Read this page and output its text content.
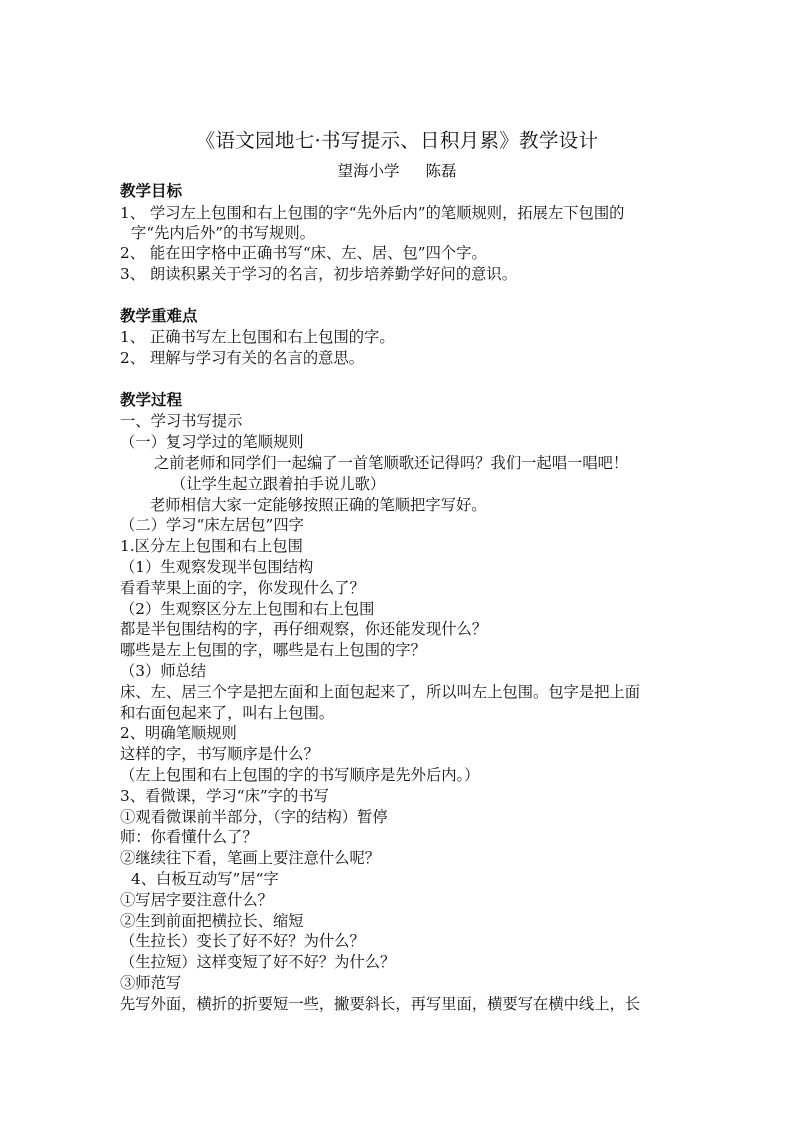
《语文园地七·书写提示、日积月累》教学设计
望海小学 陈磊
教学目标
1、 学习左上包围和右上包围的字“先外后内”的笔顺规则，拓展左下包围的
字“先内后外”的书写规则。
2、 能在田字格中正确书写“床、左、居、包”四个字。
3、 朗读积累关于学习的名言，初步培养勤学好问的意识。
教学重难点
1、 正确书写左上包围和右上包围的字。
2、 理解与学习有关的名言的意思。
教学过程
一、学习书写提示
（一）复习学过的笔顺规则
之前老师和同学们一起编了一首笔顺歌还记得吗？我们一起唱一唱吧！
（让学生起立跟着拍手说儿歌）
老师相信大家一定能够按照正确的笔顺把字写好。
（二）学习“床左居包”四字
1.区分左上包围和右上包围
（1）生观察发现半包围结构
看看苹果上面的字，你发现什么了？
（2）生观察区分左上包围和右上包围
都是半包围结构的字，再仔细观察，你还能发现什么？
哪些是左上包围的字，哪些是右上包围的字？
（3）师总结
床、左、居三个字是把左面和上面包起来了，所以叫左上包围。包字是把上面
和右面包起来了，叫右上包围。
2、明确笔顺规则
这样的字，书写顺序是什么？
（左上包围和右上包围的字的书写顺序是先外后内。）
3、看微课，学习“床”字的书写
①观看微课前半部分，（字的结构）暂停
师：你看懂什么了？
②继续往下看，笔画上要注意什么呢？
4、白板互动写”居“字
①写居字要注意什么？
②生到前面把横拉长、缩短
（生拉长）变长了好不好？为什么？
（生拉短）这样变短了好不好？为什么？
③师范写
先写外面，横折的折要短一些，撇要斜长，再写里面，横要写在横中线上，长
